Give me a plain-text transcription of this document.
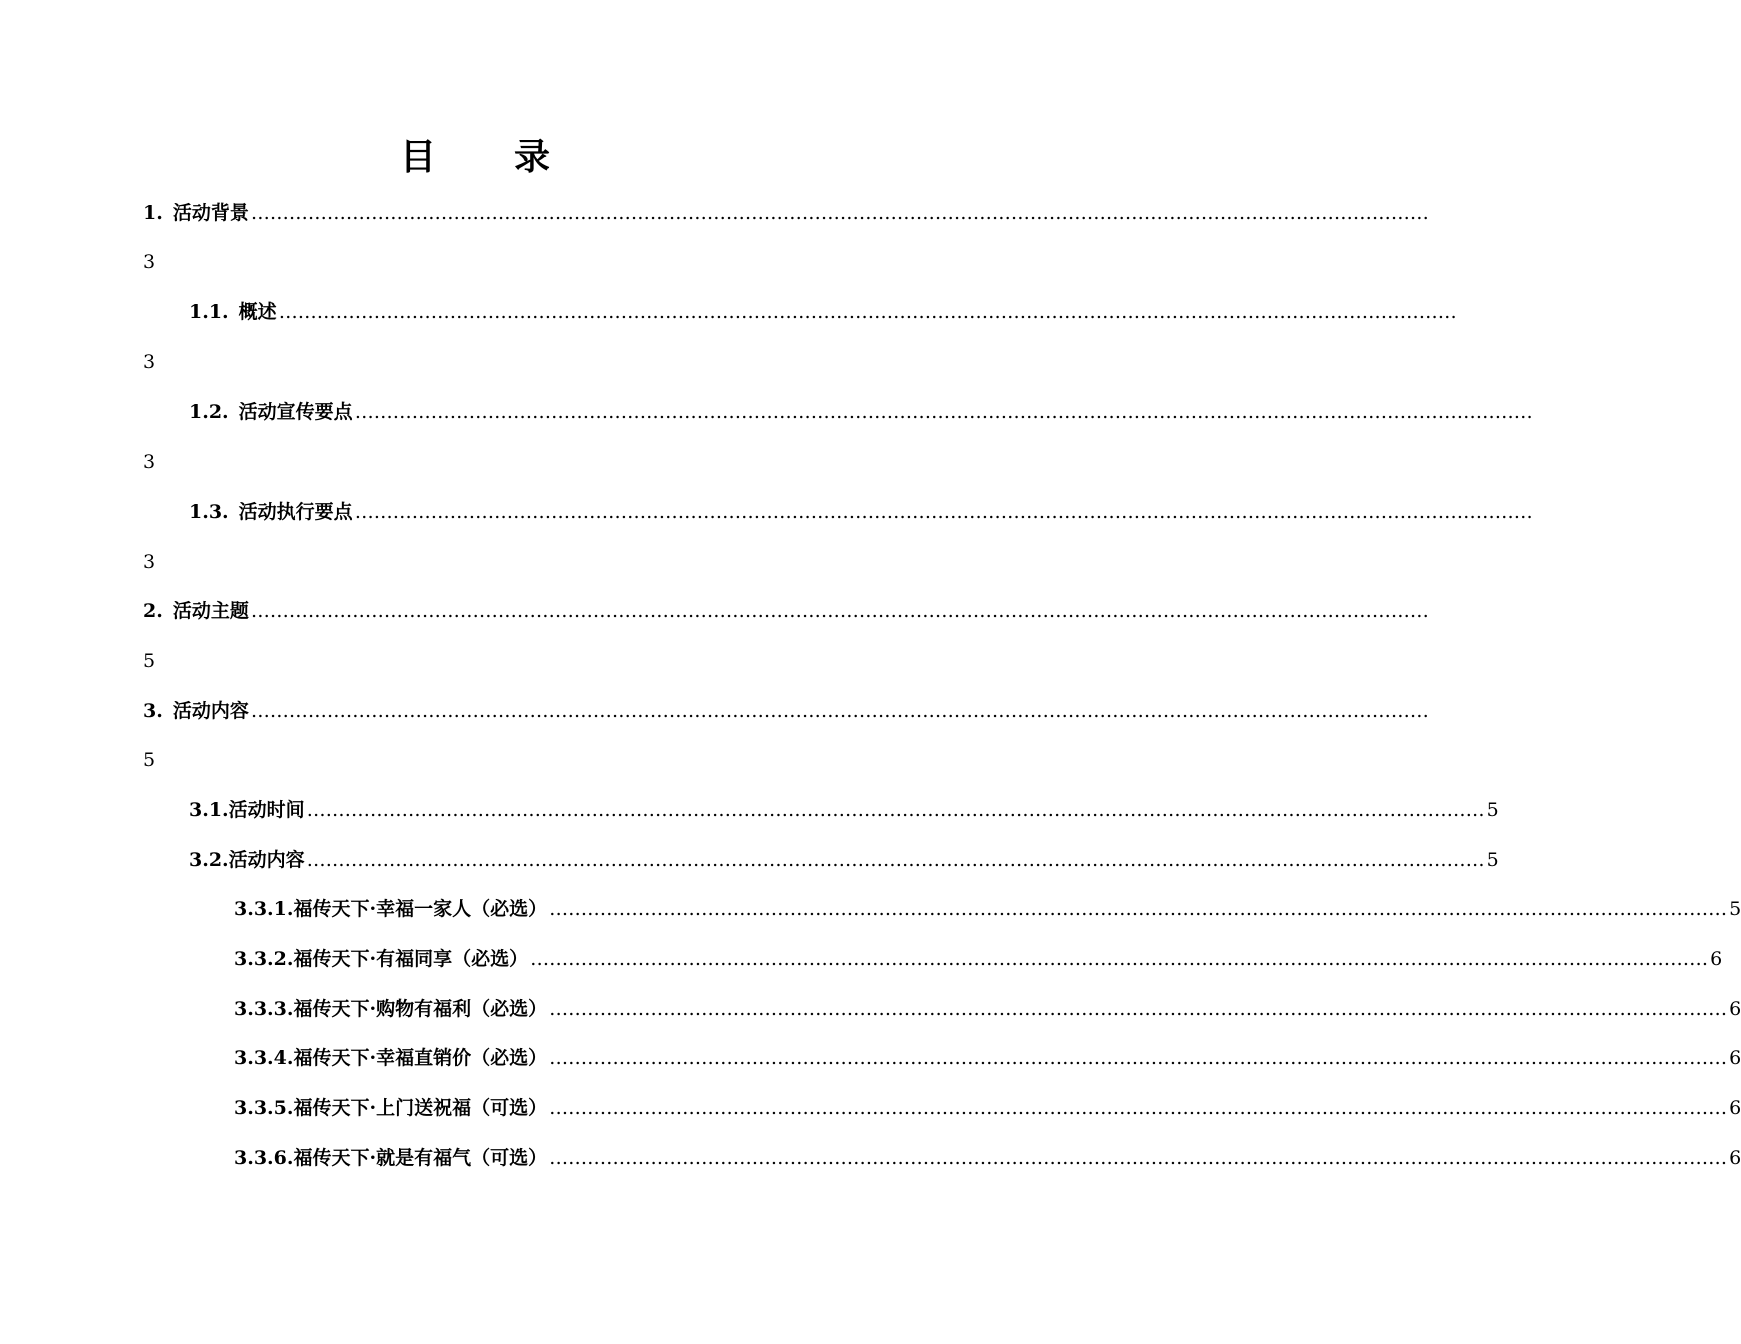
目 录
1. 活动背景 ……………………………………………………………………………………………………………………………………………………………………
3
1.1. 概述 ……………………………………………………………………………………………………………………………………………………………………
3
1.2. 活动宣传要点 ……………………………………………………………………………………………………………………………………………………………………
3
1.3. 活动执行要点 ……………………………………………………………………………………………………………………………………………………………………
3
2. 活动主题 ……………………………………………………………………………………………………………………………………………………………………
5
3. 活动内容 ……………………………………………………………………………………………………………………………………………………………………
5
3.1.活动时间 …………………………………………………………………………………………………………………………………………………………………… 5
3.2.活动内容 …………………………………………………………………………………………………………………………………………………………………… 5
3.3.1.福传天下·幸福一家人（必选） …………………………………………………………………………………………………………………………………………………………………… 5
3.3.2.福传天下·有福同享（必选） …………………………………………………………………………………………………………………………………………………………………… 6
3.3.3.福传天下·购物有福利（必选） …………………………………………………………………………………………………………………………………………………………………… 6
3.3.4.福传天下·幸福直销价（必选） …………………………………………………………………………………………………………………………………………………………………… 6
3.3.5.福传天下·上门送祝福（可选） …………………………………………………………………………………………………………………………………………………………………… 6
3.3.6.福传天下·就是有福气（可选） …………………………………………………………………………………………………………………………………………………………………… 6
